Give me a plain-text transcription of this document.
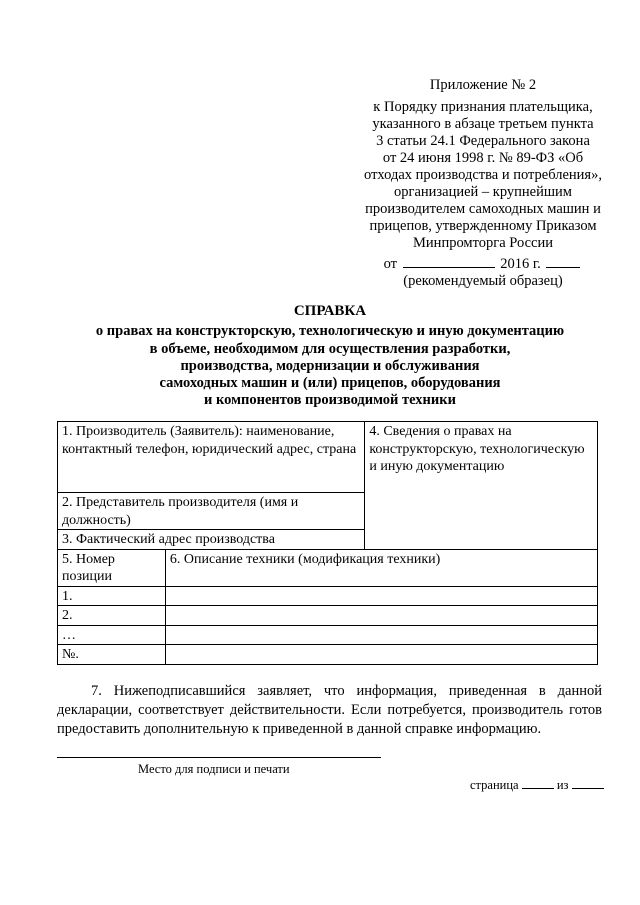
Приложение № 2
к Порядку признания плательщика,
указанного в абзаце третьем пункта
3 статьи 24.1 Федерального закона
от 24 июня 1998 г. № 89-ФЗ «Об
отходах производства и потребления»,
организацией – крупнейшим
производителем самоходных машин и
прицепов, утвержденному Приказом
Минпромторга России
от	2016 г.
(рекомендуемый образец)
СПРАВКА
о правах на конструкторскую, технологическую и иную документацию
в объеме, необходимом для осуществления разработки,
производства, модернизации и обслуживания
самоходных машин и (или) прицепов, оборудования
и компонентов производимой техники
1. Производитель (Заявитель): наименование, контактный телефон, юридический адрес, страна		4. Сведения о правах на конструкторскую, технологическую и иную документацию
2. Представитель производителя (имя и должность)		
3. Фактический адрес производства		
5. Номер позиции	6. Описание техники (модификация техники)	
1.		
2.		
…		
№.		
7. Нижеподписавшийся заявляет, что информация, приведенная в данной декларации, соответствует действительности. Если потребуется, производитель готов предоставить дополнительную к приведенной в данной справке информацию.
Место для подписи и печати
страница	из
